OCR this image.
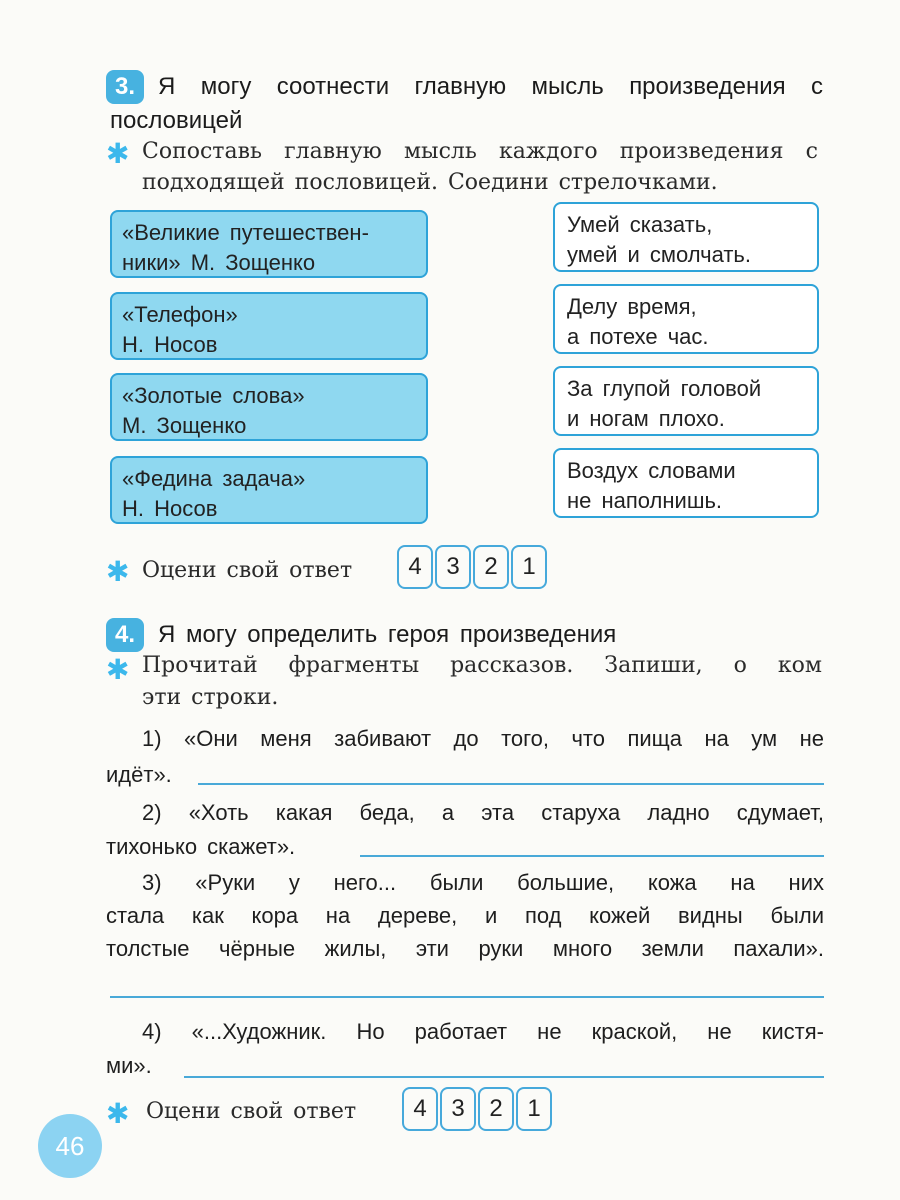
3. Я могу соотнести главную мысль произведения с
пословицей
✱ Сопоставь главную мысль каждого произведения с
подходящей пословицей. Соедини стрелочками.
«Великие путешествен-
ники» М. Зощенко
«Телефон»
Н. Носов
«Золотые слова»
М. Зощенко
«Федина задача»
Н. Носов
Умей сказать,
умей и смолчать.
Делу время,
а потехе час.
За глупой головой
и ногам плохо.
Воздух словами
не наполнишь.
✱ Оцени свой ответ	4	3	2	1
4. Я могу определить героя произведения
✱ Прочитай фрагменты рассказов. Запиши, о ком
эти строки.
1) «Они меня забивают до того, что пища на ум не
идёт».
2) «Хоть какая беда, а эта старуха ладно сдумает,
тихонько скажет».
3) «Руки у него... были большие, кожа на них
стала как кора на дереве, и под кожей видны были
толстые чёрные жилы, эти руки много земли пахали».
4) «...Художник. Но работает не краской, не кистя-
ми».
✱ Оцени свой ответ	4	3	2	1
46
